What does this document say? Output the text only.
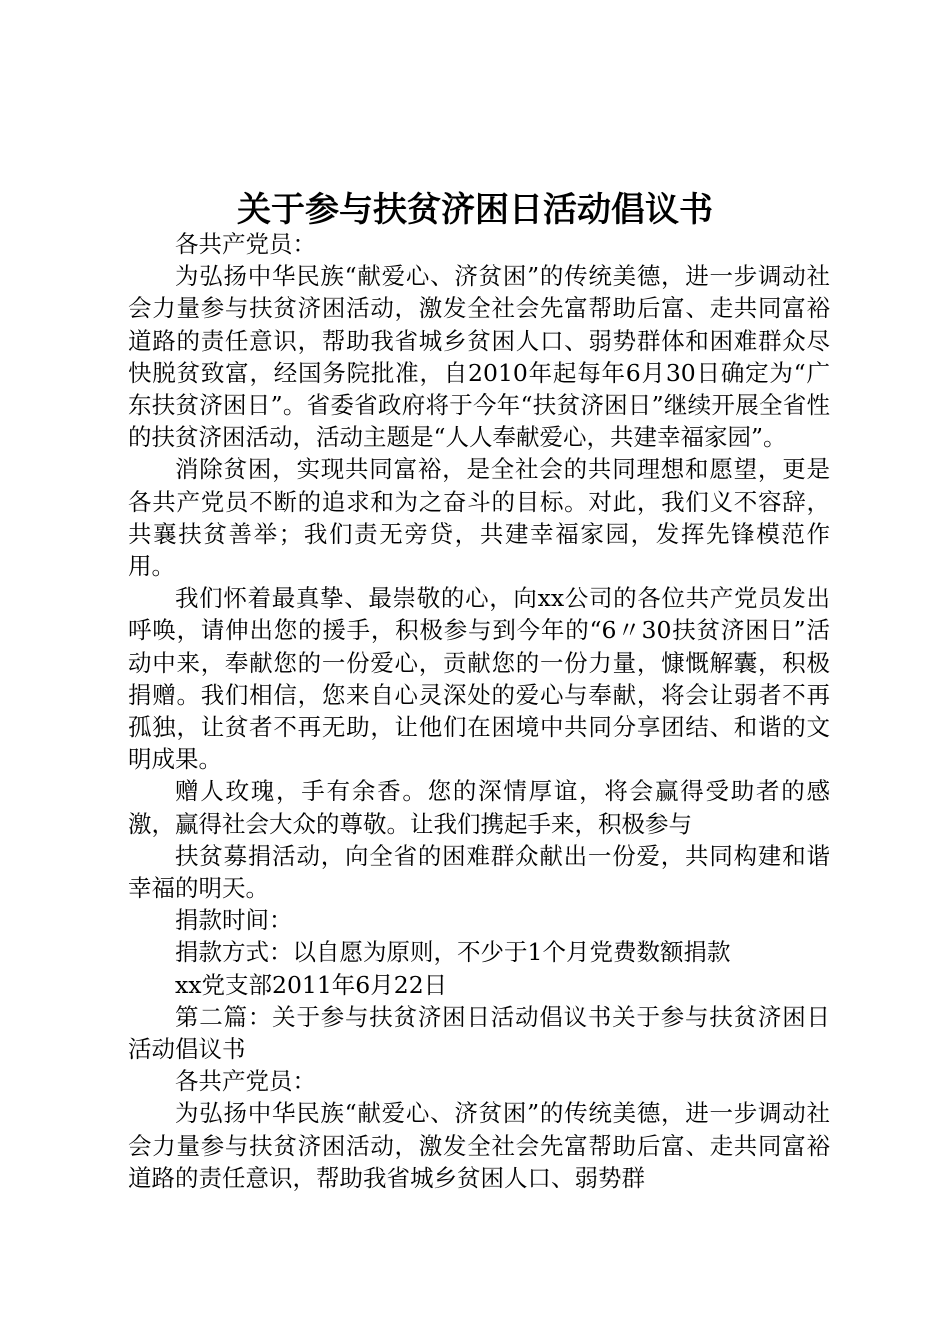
关于参与扶贫济困日活动倡议书

各共产党员：

为弘扬中华民族“献爱心、济贫困”的传统美德，进一步调动社会力量参与扶贫济困活动，激发全社会先富帮助后富、走共同富裕道路的责任意识，帮助我省城乡贫困人口、弱势群体和困难群众尽快脱贫致富，经国务院批准，自2010年起每年6月30日确定为“广东扶贫济困日”。省委省政府将于今年“扶贫济困日”继续开展全省性的扶贫济困活动，活动主题是“人人奉献爱心，共建幸福家园”。

消除贫困，实现共同富裕，是全社会的共同理想和愿望，更是各共产党员不断的追求和为之奋斗的目标。对此，我们义不容辞，共襄扶贫善举；我们责无旁贷，共建幸福家园，发挥先锋模范作用。

我们怀着最真挚、最崇敬的心，向xx公司的各位共产党员发出呼唤，请伸出您的援手，积极参与到今年的“6〃30扶贫济困日”活动中来，奉献您的一份爱心，贡献您的一份力量，慷慨解囊，积极捐赠。我们相信，您来自心灵深处的爱心与奉献，将会让弱者不再孤独，让贫者不再无助，让他们在困境中共同分享团结、和谐的文明成果。

赠人玫瑰，手有余香。您的深情厚谊，将会赢得受助者的感激，赢得社会大众的尊敬。让我们携起手来，积极参与

扶贫募捐活动，向全省的困难群众献出一份爱，共同构建和谐幸福的明天。

捐款时间：

捐款方式：以自愿为原则，不少于1个月党费数额捐款

xx党支部2011年6月22日

第二篇：关于参与扶贫济困日活动倡议书关于参与扶贫济困日活动倡议书

各共产党员：

为弘扬中华民族“献爱心、济贫困”的传统美德，进一步调动社会力量参与扶贫济困活动，激发全社会先富帮助后富、走共同富裕道路的责任意识，帮助我省城乡贫困人口、弱势群
